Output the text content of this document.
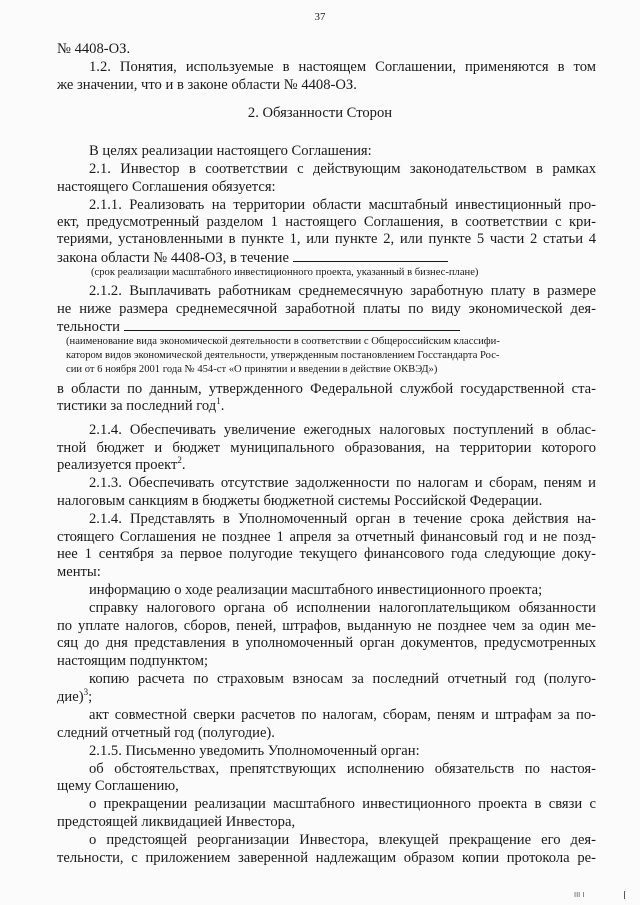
37

№ 4408-ОЗ.

1.2. Понятия, используемые в настоящем Соглашении, применяются в том

же значении, что и в законе области № 4408-ОЗ.

2. Обязанности Сторон

В целях реализации настоящего Соглашения:

2.1. Инвестор в соответствии с действующим законодательством в рамках

настоящего Соглашения обязуется:

2.1.1. Реализовать на территории области масштабный инвестиционный про-

ект, предусмотренный разделом 1 настоящего Соглашения, в соответствии с кри-

териями, установленными в пункте 1, или пункте 2, или пункте 5 части 2 статьи 4

закона области № 4408-ОЗ, в течение

(срок реализации масштабного инвестиционного проекта, указанный в бизнес-плане)

2.1.2. Выплачивать работникам среднемесячную заработную плату в размере

не ниже размера среднемесячной заработной платы по виду экономической дея-

тельности

(наименование вида экономической деятельности в соответствии с Общероссийским классифи-

катором видов экономической деятельности, утвержденным постановлением Госстандарта Рос-

сии от 6 ноября 2001 года № 454-ст «О принятии и введении в действие ОКВЭД»)

в области по данным, утвержденного Федеральной службой государственной ста-

тистики за последний год$^1$.

2.1.4. Обеспечивать увеличение ежегодных налоговых поступлений в облас-

тной бюджет и бюджет муниципального образования, на территории которого

реализуется проект$^2$.

2.1.3. Обеспечивать отсутствие задолженности по налогам и сборам, пеням и

налоговым санкциям в бюджеты бюджетной системы Российской Федерации.

2.1.4. Представлять в Уполномоченный орган в течение срока действия на-

стоящего Соглашения не позднее 1 апреля за отчетный финансовый год и не позд-

нее 1 сентября за первое полугодие текущего финансового года следующие доку-

менты:

информацию о ходе реализации масштабного инвестиционного проекта;

справку налогового органа об исполнении налогоплательщиком обязанности

по уплате налогов, сборов, пеней, штрафов, выданную не позднее чем за один ме-

сяц до дня представления в уполномоченный орган документов, предусмотренных

настоящим подпунктом;

копию расчета по страховым взносам за последний отчетный год (полуго-

дие)$^3$;

акт совместной сверки расчетов по налогам, сборам, пеням и штрафам за по-

следний отчетный год (полугодие).

2.1.5. Письменно уведомить Уполномоченный орган:

об обстоятельствах, препятствующих исполнению обязательств по настоя-

щему Соглашению,

о прекращении реализации масштабного инвестиционного проекта в связи с

предстоящей ликвидацией Инвестора,

о предстоящей реорганизации Инвестора, влекущей прекращение его дея-

тельности, с приложением заверенной надлежащим образом копии протокола ре-

III I
